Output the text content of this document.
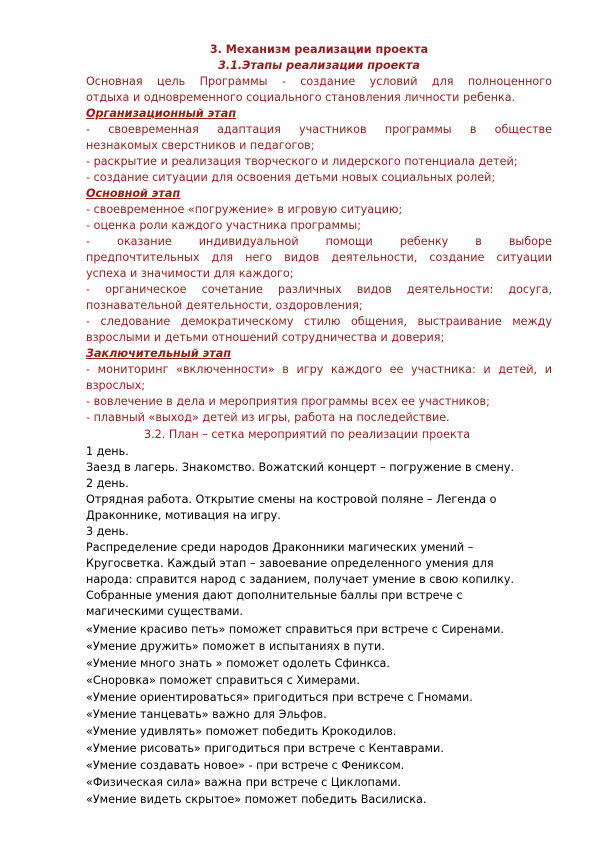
3. Механизм реализации проекта
3.1.Этапы реализации проекта
Основная цель Программы - создание условий для полноценного
отдыха и одновременного социального становления личности ребенка.
Организационный этап
- своевременная адаптация участников программы в обществе
незнакомых сверстников и педагогов;
- раскрытие и реализация творческого и лидерского потенциала детей;
- создание ситуации для освоения детьми новых социальных ролей;
Основной этап
- своевременное «погружение» в игровую ситуацию;
- оценка роли каждого участника программы;
- оказание индивидуальной помощи ребенку в выборе
предпочтительных для него видов деятельности, создание ситуации
успеха и значимости для каждого;
- органическое сочетание различных видов деятельности: досуга,
познавательной деятельности, оздоровления;
- следование демократическому стилю общения, выстраивание между
взрослыми и детьми отношений сотрудничества и доверия;
Заключительный этап
- мониторинг «включенности» в игру каждого ее участника: и детей, и
взрослых;
- вовлечение в дела и мероприятия программы всех ее участников;
- плавный «выход» детей из игры, работа на последействие.
3.2. План – сетка мероприятий по реализации проекта
1 день.
Заезд в лагерь. Знакомство. Вожатский концерт – погружение в смену.
2 день.
Отрядная работа. Открытие смены на костровой поляне – Легенда о
Драконнике, мотивация на игру.
3 день.
Распределение среди народов Драконники магических умений –
Кругосветка. Каждый этап – завоевание определенного умения для
народа: справится народ с заданием, получает умение в свою копилку.
Собранные умения дают дополнительные баллы при встрече с
магическими существами.
«Умение красиво петь» поможет справиться при встрече с Сиренами.
«Умение дружить» поможет в испытаниях в пути.
«Умение много знать » поможет одолеть Сфинкса.
«Сноровка» поможет справиться с Химерами.
«Умение ориентироваться» пригодиться при встрече с Гномами.
«Умение танцевать» важно для Эльфов.
«Умение удивлять» поможет победить Крокодилов.
«Умение рисовать» пригодиться при встрече с Кентаврами.
«Умение создавать новое» - при встрече с Фениксом.
«Физическая сила» важна при встрече с Циклопами.
«Умение видеть скрытое» поможет победить Василиска.
